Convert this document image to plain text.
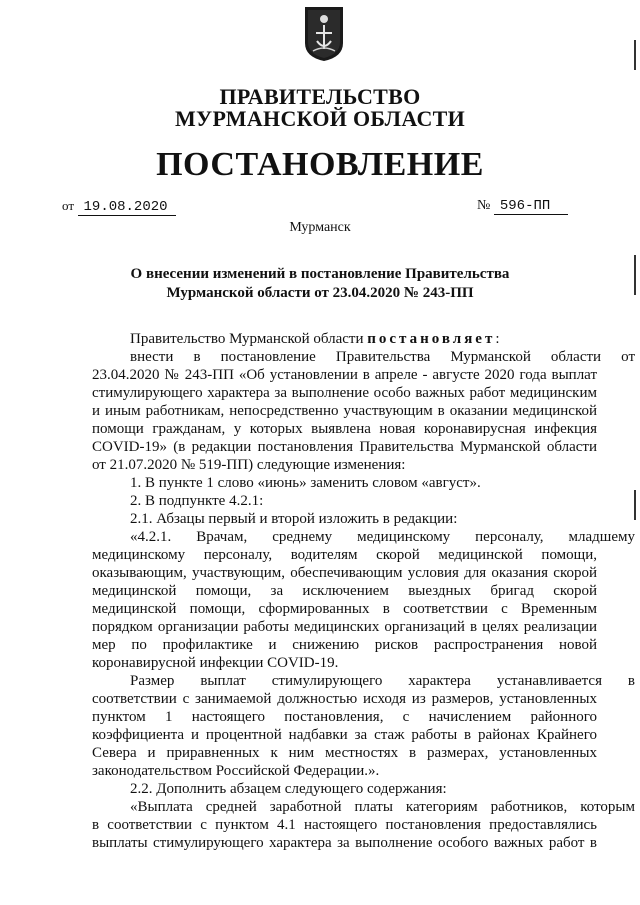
ПРАВИТЕЛЬСТВО
МУРМАНСКОЙ ОБЛАСТИ
ПОСТАНОВЛЕНИЕ
от 19.08.2020	№ 596-ПП
Мурманск
О внесении изменений в постановление Правительства
Мурманской области от 23.04.2020 № 243-ПП
Правительство Мурманской области постановляет:
внести в постановление Правительства Мурманской области от
23.04.2020 № 243-ПП «Об установлении в апреле - августе 2020 года выплат
стимулирующего характера за выполнение особо важных работ медицинским
и иным работникам, непосредственно участвующим в оказании медицинской
помощи гражданам, у которых выявлена новая коронавирусная инфекция
COVID-19» (в редакции постановления Правительства Мурманской области
от 21.07.2020 № 519-ПП) следующие изменения:
1. В пункте 1 слово «июнь» заменить словом «август».
2. В подпункте 4.2.1:
2.1. Абзацы первый и второй изложить в редакции:
«4.2.1. Врачам, среднему медицинскому персоналу, младшему
медицинскому персоналу, водителям скорой медицинской помощи,
оказывающим, участвующим, обеспечивающим условия для оказания скорой
медицинской помощи, за исключением выездных бригад скорой
медицинской помощи, сформированных в соответствии с Временным
порядком организации работы медицинских организаций в целях реализации
мер по профилактике и снижению рисков распространения новой
коронавирусной инфекции COVID-19.
Размер выплат стимулирующего характера устанавливается в
соответствии с занимаемой должностью исходя из размеров, установленных
пунктом 1 настоящего постановления, с начислением районного
коэффициента и процентной надбавки за стаж работы в районах Крайнего
Севера и приравненных к ним местностях в размерах, установленных
законодательством Российской Федерации.».
2.2. Дополнить абзацем следующего содержания:
«Выплата средней заработной платы категориям работников, которым
в соответствии с пунктом 4.1 настоящего постановления предоставлялись
выплаты стимулирующего характера за выполнение особого важных работ в
